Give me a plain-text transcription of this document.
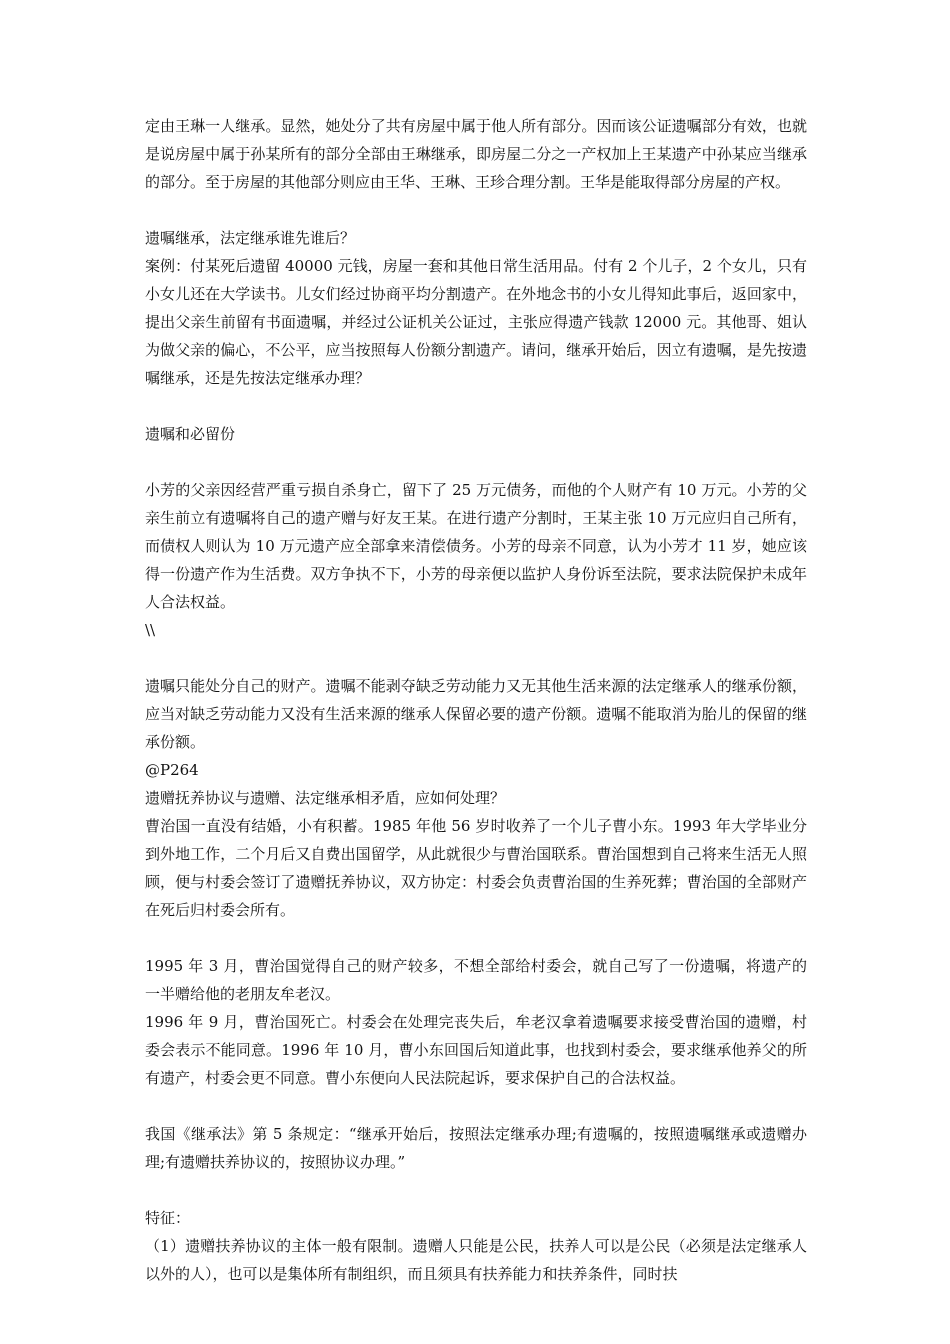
定由王琳一人继承。显然，她处分了共有房屋中属于他人所有部分。因而该公证遗嘱部分有效，也就是说房屋中属于孙某所有的部分全部由王琳继承，即房屋二分之一产权加上王某遗产中孙某应当继承的部分。至于房屋的其他部分则应由王华、王琳、王珍合理分割。王华是能取得部分房屋的产权。

遗嘱继承，法定继承谁先谁后？

案例：付某死后遗留 40000 元钱，房屋一套和其他日常生活用品。付有 2 个儿子，2 个女儿，只有小女儿还在大学读书。儿女们经过协商平均分割遗产。在外地念书的小女儿得知此事后，返回家中，提出父亲生前留有书面遗嘱，并经过公证机关公证过，主张应得遗产钱款 12000 元。其他哥、姐认为做父亲的偏心，不公平，应当按照每人份额分割遗产。请问，继承开始后，因立有遗嘱，是先按遗嘱继承，还是先按法定继承办理？

遗嘱和必留份

小芳的父亲因经营严重亏损自杀身亡，留下了 25 万元债务，而他的个人财产有 10 万元。小芳的父亲生前立有遗嘱将自己的遗产赠与好友王某。在进行遗产分割时，王某主张 10 万元应归自己所有，而债权人则认为 10 万元遗产应全部拿来清偿债务。小芳的母亲不同意，认为小芳才 11 岁，她应该得一份遗产作为生活费。双方争执不下，小芳的母亲便以监护人身份诉至法院，要求法院保护未成年人合法权益。

\\

遗嘱只能处分自己的财产。遗嘱不能剥夺缺乏劳动能力又无其他生活来源的法定继承人的继承份额，应当对缺乏劳动能力又没有生活来源的继承人保留必要的遗产份额。遗嘱不能取消为胎儿的保留的继承份额。

@P264

遗赠抚养协议与遗赠、法定继承相矛盾，应如何处理？

曹治国一直没有结婚，小有积蓄。1985 年他 56 岁时收养了一个儿子曹小东。1993 年大学毕业分到外地工作，二个月后又自费出国留学，从此就很少与曹治国联系。曹治国想到自己将来生活无人照顾，便与村委会签订了遗赠抚养协议，双方协定：村委会负责曹治国的生养死葬；曹治国的全部财产在死后归村委会所有。

1995 年 3 月，曹治国觉得自己的财产较多，不想全部给村委会，就自己写了一份遗嘱，将遗产的一半赠给他的老朋友牟老汉。

1996 年 9 月，曹治国死亡。村委会在处理完丧失后，牟老汉拿着遗嘱要求接受曹治国的遗赠，村委会表示不能同意。1996 年 10 月，曹小东回国后知道此事，也找到村委会，要求继承他养父的所有遗产，村委会更不同意。曹小东便向人民法院起诉，要求保护自己的合法权益。

我国《继承法》第 5 条规定：“继承开始后，按照法定继承办理;有遗嘱的，按照遗嘱继承或遗赠办理;有遗赠扶养协议的，按照协议办理。”

特征：

（1）遗赠扶养协议的主体一般有限制。遗赠人只能是公民，扶养人可以是公民（必须是法定继承人以外的人），也可以是集体所有制组织，而且须具有扶养能力和扶养条件，同时扶
